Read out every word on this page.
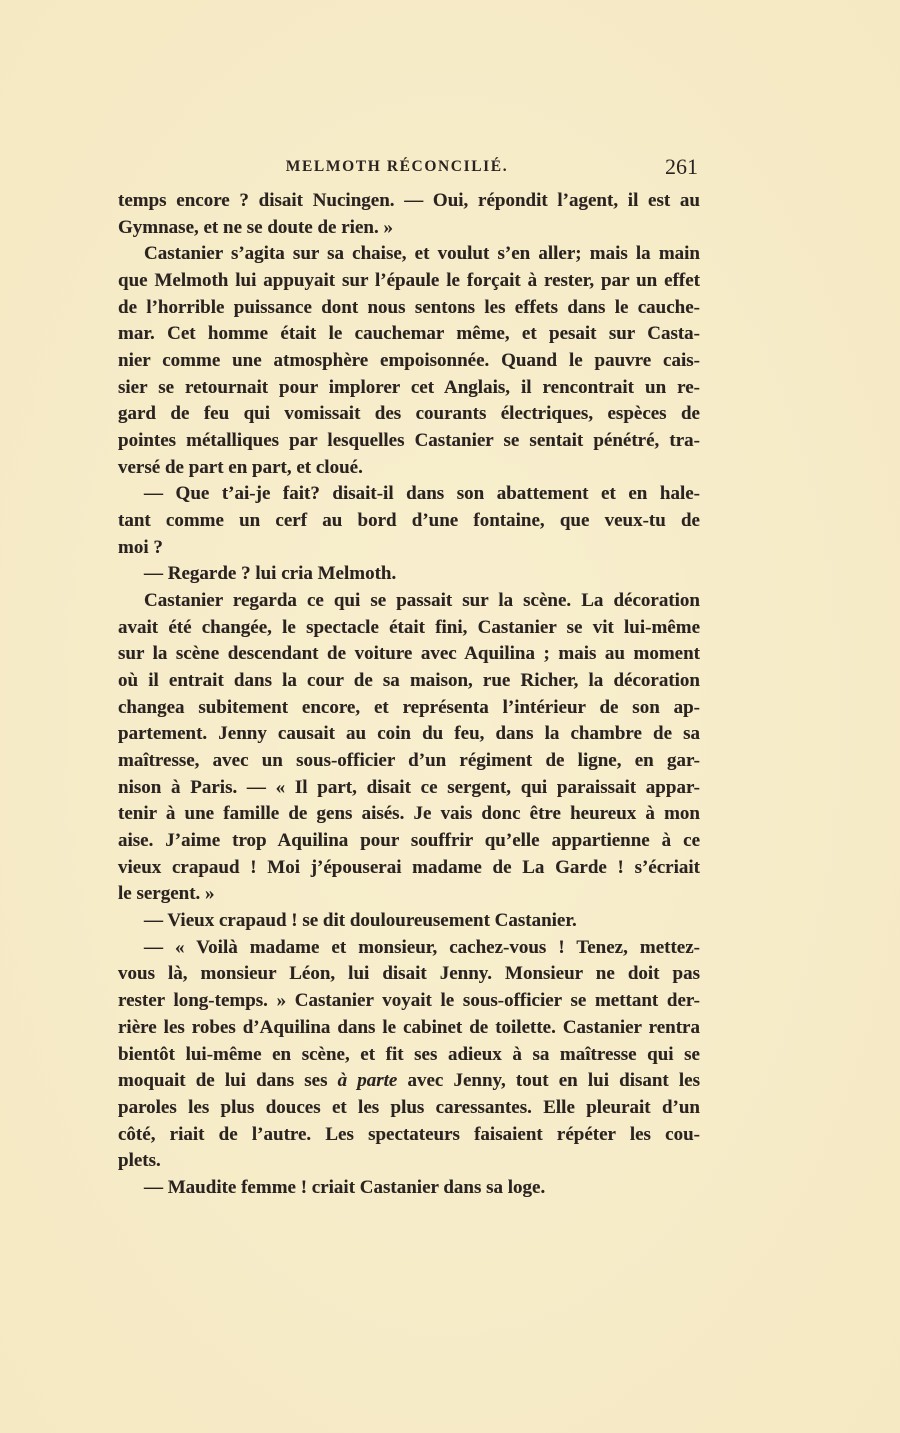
MELMOTH RÉCONCILIÉ.	261
temps encore ? disait Nucingen. — Oui, répondit l’agent, il est au
Gymnase, et ne se doute de rien. »
Castanier s’agita sur sa chaise, et voulut s’en aller; mais la main
que Melmoth lui appuyait sur l’épaule le forçait à rester, par un effet
de l’horrible puissance dont nous sentons les effets dans le cauche-
mar. Cet homme était le cauchemar même, et pesait sur Casta-
nier comme une atmosphère empoisonnée. Quand le pauvre cais-
sier se retournait pour implorer cet Anglais, il rencontrait un re-
gard de feu qui vomissait des courants électriques, espèces de
pointes métalliques par lesquelles Castanier se sentait pénétré, tra-
versé de part en part, et cloué.
— Que t’ai-je fait? disait-il dans son abattement et en hale-
tant comme un cerf au bord d’une fontaine, que veux-tu de
moi ?
— Regarde ? lui cria Melmoth.
Castanier regarda ce qui se passait sur la scène. La décoration
avait été changée, le spectacle était fini, Castanier se vit lui-même
sur la scène descendant de voiture avec Aquilina ; mais au moment
où il entrait dans la cour de sa maison, rue Richer, la décoration
changea subitement encore, et représenta l’intérieur de son ap-
partement. Jenny causait au coin du feu, dans la chambre de sa
maîtresse, avec un sous-officier d’un régiment de ligne, en gar-
nison à Paris. — « Il part, disait ce sergent, qui paraissait appar-
tenir à une famille de gens aisés. Je vais donc être heureux à mon
aise. J’aime trop Aquilina pour souffrir qu’elle appartienne à ce
vieux crapaud ! Moi j’épouserai madame de La Garde ! s’écriait
le sergent. »
— Vieux crapaud ! se dit douloureusement Castanier.
— « Voilà madame et monsieur, cachez-vous ! Tenez, mettez-
vous là, monsieur Léon, lui disait Jenny. Monsieur ne doit pas
rester long-temps. » Castanier voyait le sous-officier se mettant der-
rière les robes d’Aquilina dans le cabinet de toilette. Castanier rentra
bientôt lui-même en scène, et fit ses adieux à sa maîtresse qui se
moquait de lui dans ses à parte avec Jenny, tout en lui disant les
paroles les plus douces et les plus caressantes. Elle pleurait d’un
côté, riait de l’autre. Les spectateurs faisaient répéter les cou-
plets.
— Maudite femme ! criait Castanier dans sa loge.
